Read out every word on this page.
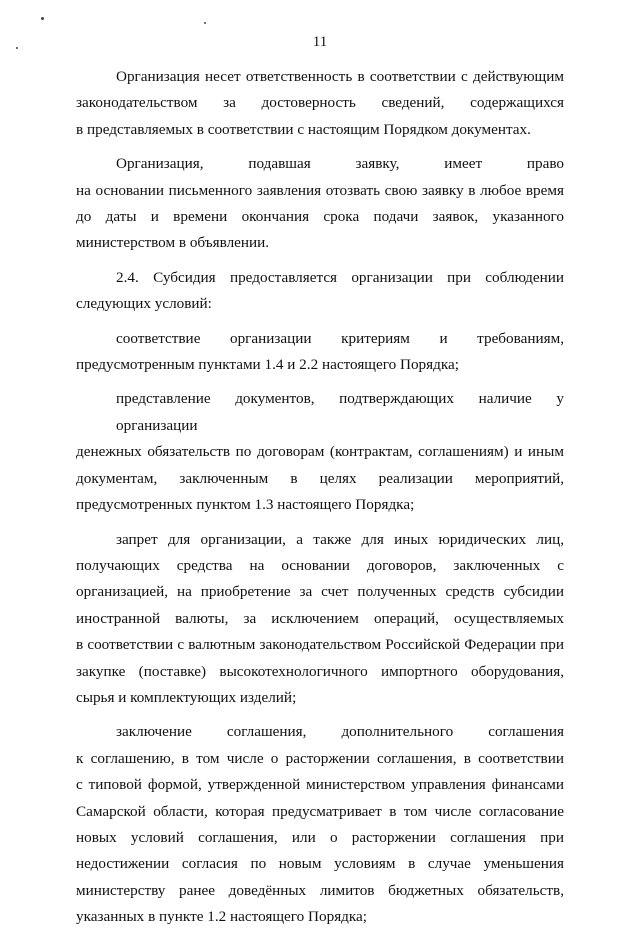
11
Организация несет ответственность в соответствии с действующим
законодательством за достоверность сведений, содержащихся
в представляемых в соответствии с настоящим Порядком документах.
Организация, подавшая заявку, имеет право
на основании письменного заявления отозвать свою заявку в любое время
до даты и времени окончания срока подачи заявок, указанного
министерством в объявлении.
2.4. Субсидия предоставляется организации при соблюдении
следующих условий:
соответствие организации критериям и требованиям,
предусмотренным пунктами 1.4 и 2.2 настоящего Порядка;
представление документов, подтверждающих наличие у организации
денежных обязательств по договорам (контрактам, соглашениям) и иным
документам, заключенным в целях реализации мероприятий,
предусмотренных пунктом 1.3 настоящего Порядка;
запрет для организации, а также для иных юридических лиц,
получающих средства на основании договоров, заключенных с
организацией, на приобретение за счет полученных средств субсидии
иностранной валюты, за исключением операций, осуществляемых
в соответствии с валютным законодательством Российской Федерации при
закупке (поставке) высокотехнологичного импортного оборудования,
сырья и комплектующих изделий;
заключение соглашения, дополнительного соглашения
к соглашению, в том числе о расторжении соглашения, в соответствии
с типовой формой, утвержденной министерством управления финансами
Самарской области, которая предусматривает в том числе согласование
новых условий соглашения, или о расторжении соглашения при
недостижении согласия по новым условиям в случае уменьшения
министерству ранее доведённых лимитов бюджетных обязательств,
указанных в пункте 1.2 настоящего Порядка;
